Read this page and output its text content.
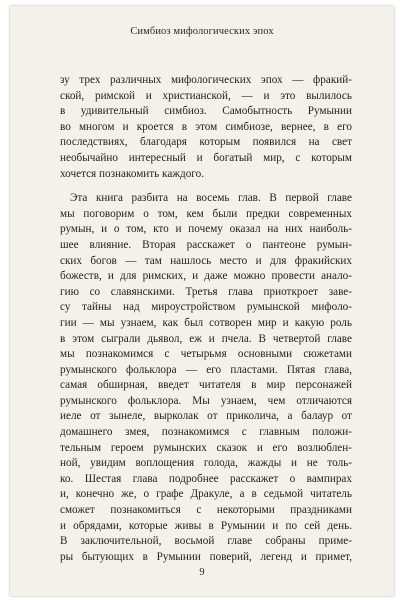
Симбиоз мифологических эпох

зу трех различных мифологических эпох — фракий-
ской, римской и христианской, — и это вылилось
в удивительный симбиоз. Самобытность Румынии
во многом и кроется в этом симбиозе, вернее, в его
последствиях, благодаря которым появился на свет
необычайно интересный и богатый мир, с которым
хочется познакомить каждого.

Эта книга разбита на восемь глав. В первой главе
мы поговорим о том, кем были предки современных
румын, и о том, кто и почему оказал на них наиболь-
шее влияние. Вторая расскажет о пантеоне румын-
ских богов — там нашлось место и для фракийских
божеств, и для римских, и даже можно провести анало-
гию со славянскими. Третья глава приоткроет заве-
су тайны над мироустройством румынской мифоло-
гии — мы узнаем, как был сотворен мир и какую роль
в этом сыграли дьявол, еж и пчела. В четвертой главе
мы познакомимся с четырьмя основными сюжетами
румынского фольклора — его пластами. Пятая глава,
самая обширная, введет читателя в мир персонажей
румынского фольклора. Мы узнаем, чем отличаются
иеле от зынеле, вырколак от приколича, а балаур от
домашнего змея, познакомимся с главным положи-
тельным героем румынских сказок и его возлюблен-
ной, увидим воплощения голода, жажды и не толь-
ко. Шестая глава подробнее расскажет о вампирах
и, конечно же, о графе Дракуле, а в седьмой читатель
сможет познакомиться с некоторыми праздниками
и обрядами, которые живы в Румынии и по сей день.
В заключительной, восьмой главе собраны приме-
ры бытующих в Румынии поверий, легенд и примет,

9
